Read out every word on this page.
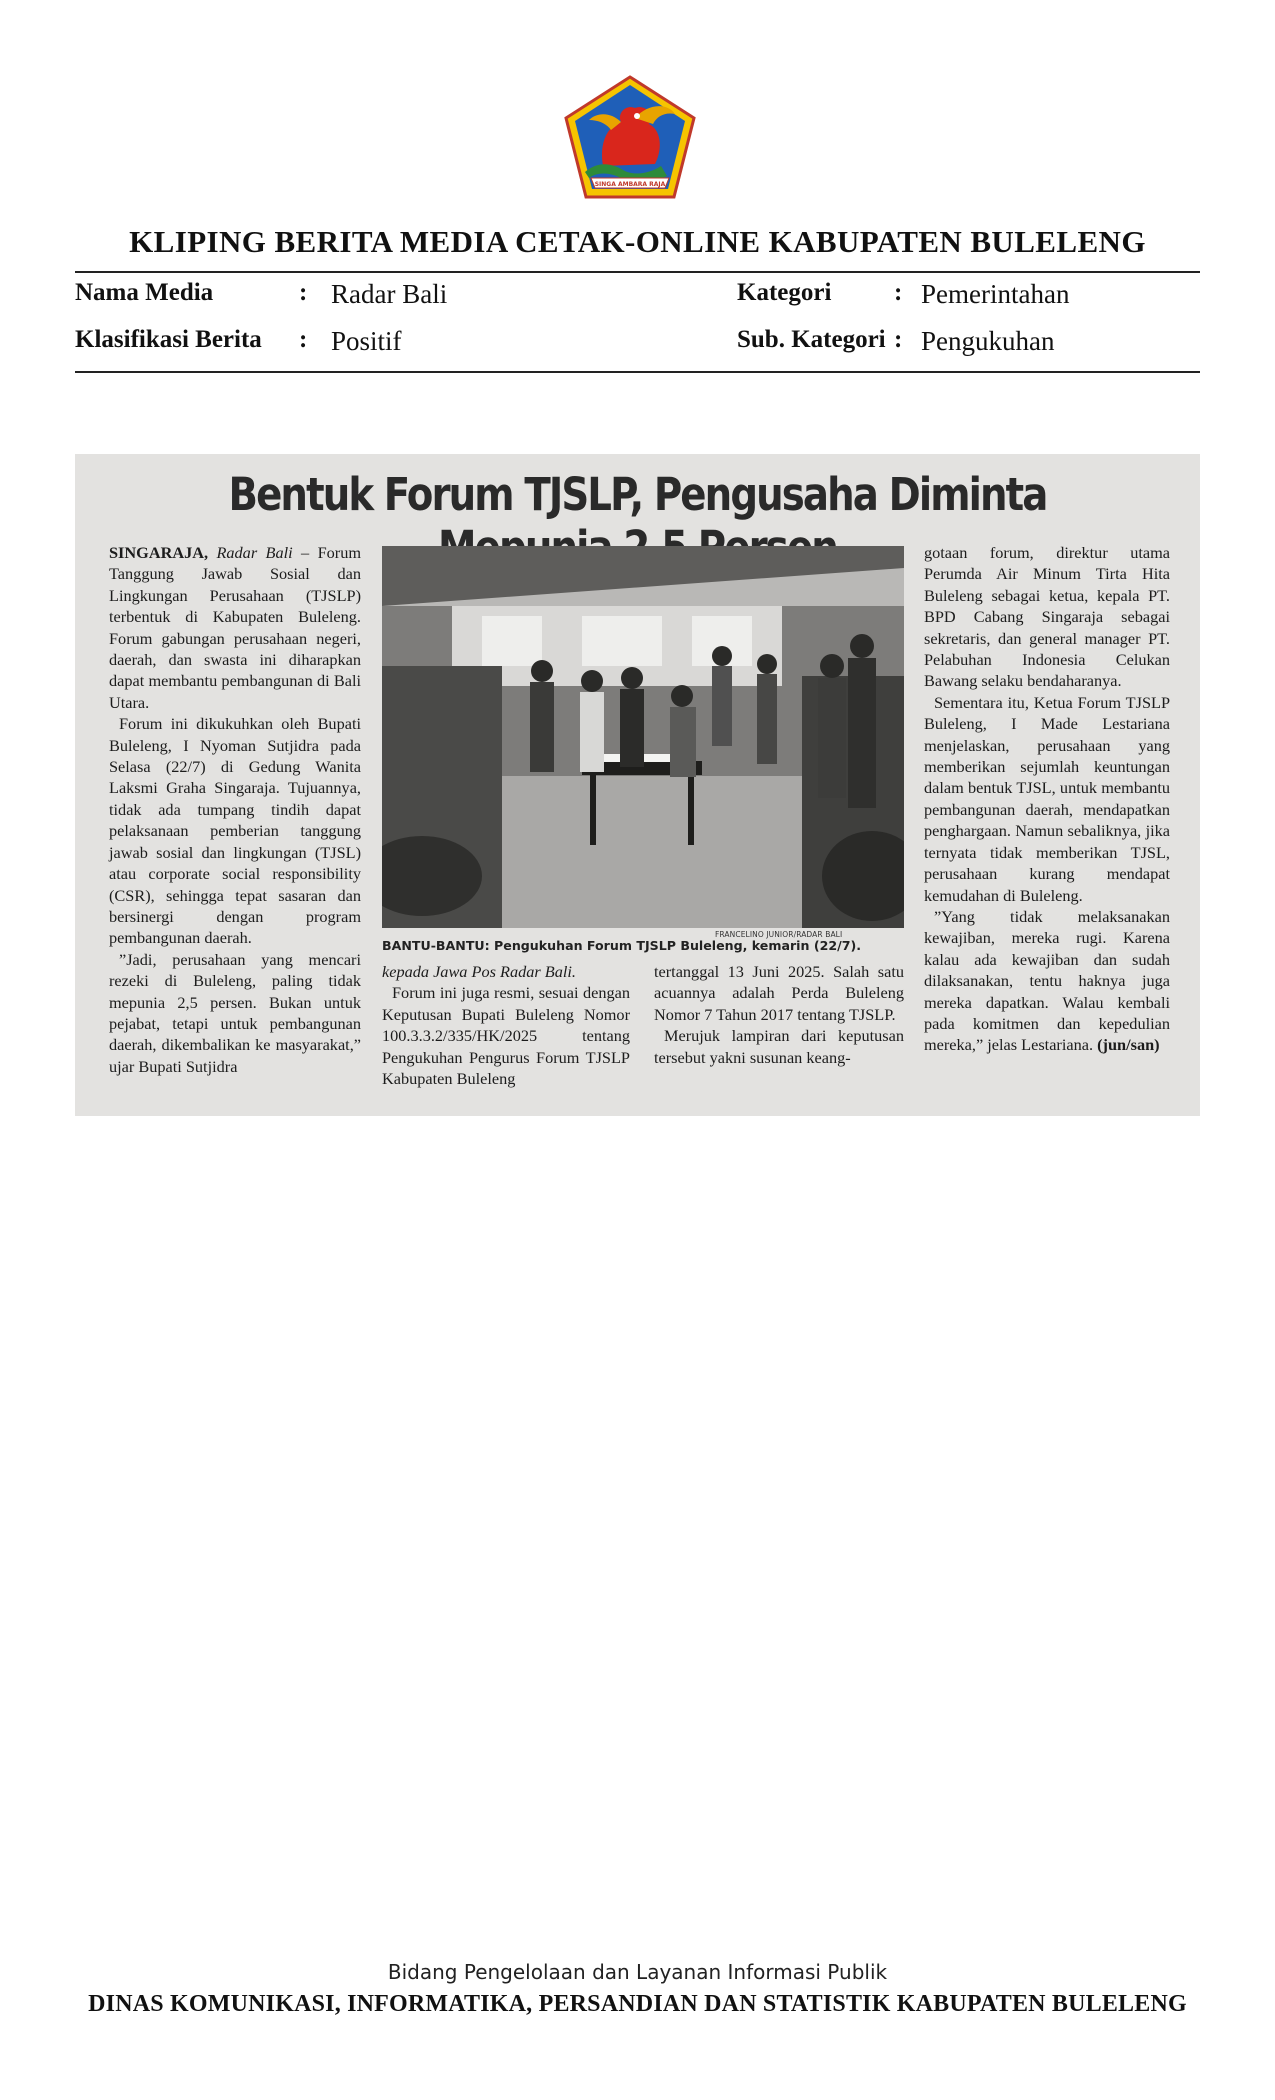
SINGA AMBARA RAJA
KLIPING BERITA MEDIA CETAK-ONLINE KABUPATEN BULELENG
Nama Media	: Radar Bali	Kategori	: Pemerintahan
Klasifikasi Berita : Positif	Sub. Kategori : Pengukuhan
Bentuk Forum TJSLP, Pengusaha Diminta

SINGARAJA, Radar Bali – Forum Tanggung Jawab Sosial dan Lingkungan Perusahaan (TJSLP) terbentuk di Kabupaten Buleleng. Forum gabungan perusahaan negeri, daerah, dan swasta ini diharapkan dapat membantu pembangunan di Bali Utara.

Forum ini dikukuhkan oleh Bupati Buleleng, I Nyoman Sutjidra pada Selasa (22/7) di Gedung Wanita Laksmi Graha Singaraja. Tujuannya, tidak ada tumpang tindih dapat pelaksanaan pemberian tanggung jawab sosial dan lingkungan (TJSL) atau corporate social responsibility (CSR), sehingga tepat sasaran dan bersinergi dengan program pembangunan daerah.

”Jadi, perusahaan yang mencari rezeki di Buleleng, paling tidak mepunia 2,5 persen. Bukan untuk pejabat, tetapi untuk pembangunan daerah, dikembalikan ke masyarakat,” ujar Bupati Sutjidra

FRANCELINO JUNIOR/RADAR BALI
BANTU-BANTU: Pengukuhan Forum TJSLP Buleleng, kemarin (22/7).

kepada Jawa Pos Radar Bali.

Forum ini juga resmi, sesuai dengan Keputusan Bupati Buleleng Nomor 100.3.3.2/335/HK/2025 tentang Pengukuhan Pengurus Forum TJSLP Kabupaten Buleleng

tertanggal 13 Juni 2025. Salah satu acuannya adalah Perda Buleleng Nomor 7 Tahun 2017 tentang TJSLP.

Merujuk lampiran dari keputusan tersebut yakni susunan keang-

gotaan forum, direktur utama Perumda Air Minum Tirta Hita Buleleng sebagai ketua, kepala PT. BPD Cabang Singaraja sebagai sekretaris, dan general manager PT. Pelabuhan Indonesia Celukan Bawang selaku bendaharanya.

Sementara itu, Ketua Forum TJSLP Buleleng, I Made Lestariana menjelaskan, perusahaan yang memberikan sejumlah keuntungan dalam bentuk TJSL, untuk membantu pembangunan daerah, mendapatkan penghargaan. Namun sebaliknya, jika ternyata tidak memberikan TJSL, perusahaan kurang mendapat kemudahan di Buleleng.

”Yang tidak melaksanakan kewajiban, mereka rugi. Karena kalau ada kewajiban dan sudah dilaksanakan, tentu haknya juga mereka dapatkan. Walau kembali pada komitmen dan kepedulian mereka,” jelas Lestariana. (jun/san)

Bidang Pengelolaan dan Layanan Informasi Publik
DINAS KOMUNIKASI, INFORMATIKA, PERSANDIAN DAN STATISTIK KABUPATEN BULELENG
